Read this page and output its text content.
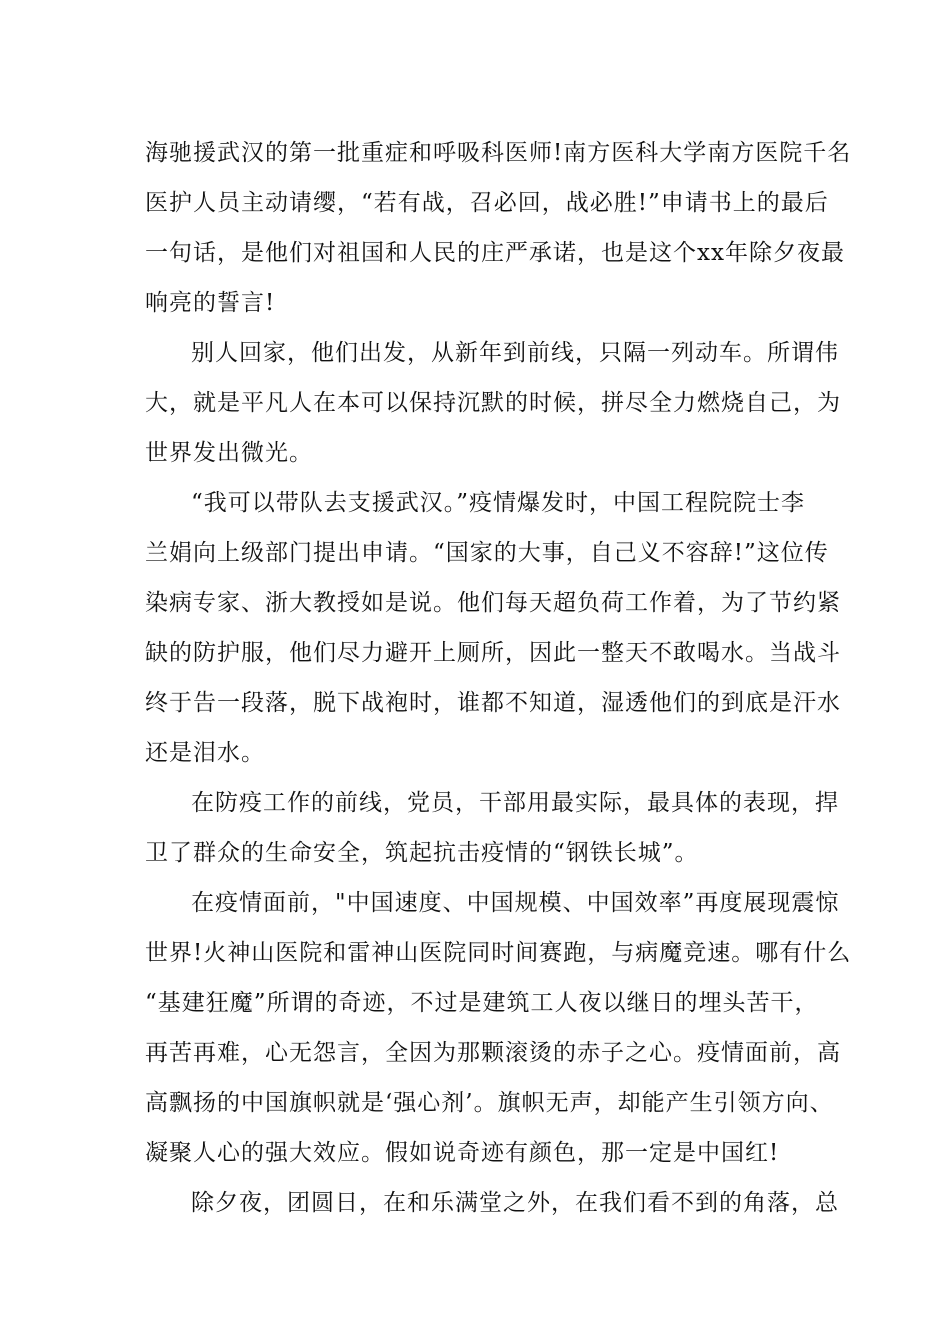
海驰援武汉的第一批重症和呼吸科医师!南方医科大学南方医院千名
医护人员主动请缨，“若有战，召必回，战必胜!”申请书上的最后
一句话，是他们对祖国和人民的庄严承诺，也是这个xx年除夕夜最
响亮的誓言!
别人回家，他们出发，从新年到前线，只隔一列动车。所谓伟
大，就是平凡人在本可以保持沉默的时候，拼尽全力燃烧自己，为
世界发出微光。
“我可以带队去支援武汉。”疫情爆发时，中国工程院院士李
兰娟向上级部门提出申请。“国家的大事，自己义不容辞!”这位传
染病专家、浙大教授如是说。他们每天超负荷工作着，为了节约紧
缺的防护服，他们尽力避开上厕所，因此一整天不敢喝水。当战斗
终于告一段落，脱下战袍时，谁都不知道，湿透他们的到底是汗水
还是泪水。
在防疫工作的前线，党员，干部用最实际，最具体的表现，捍
卫了群众的生命安全，筑起抗击疫情的“钢铁长城”。
在疫情面前，"中国速度、中国规模、中国效率”再度展现震惊
世界!火神山医院和雷神山医院同时间赛跑，与病魔竞速。哪有什么
“基建狂魔”所谓的奇迹，不过是建筑工人夜以继日的埋头苦干，
再苦再难，心无怨言，全因为那颗滚烫的赤子之心。疫情面前，高
高飘扬的中国旗帜就是‘强心剂’。旗帜无声，却能产生引领方向、
凝聚人心的强大效应。假如说奇迹有颜色，那一定是中国红!
除夕夜，团圆日，在和乐满堂之外，在我们看不到的角落，总
